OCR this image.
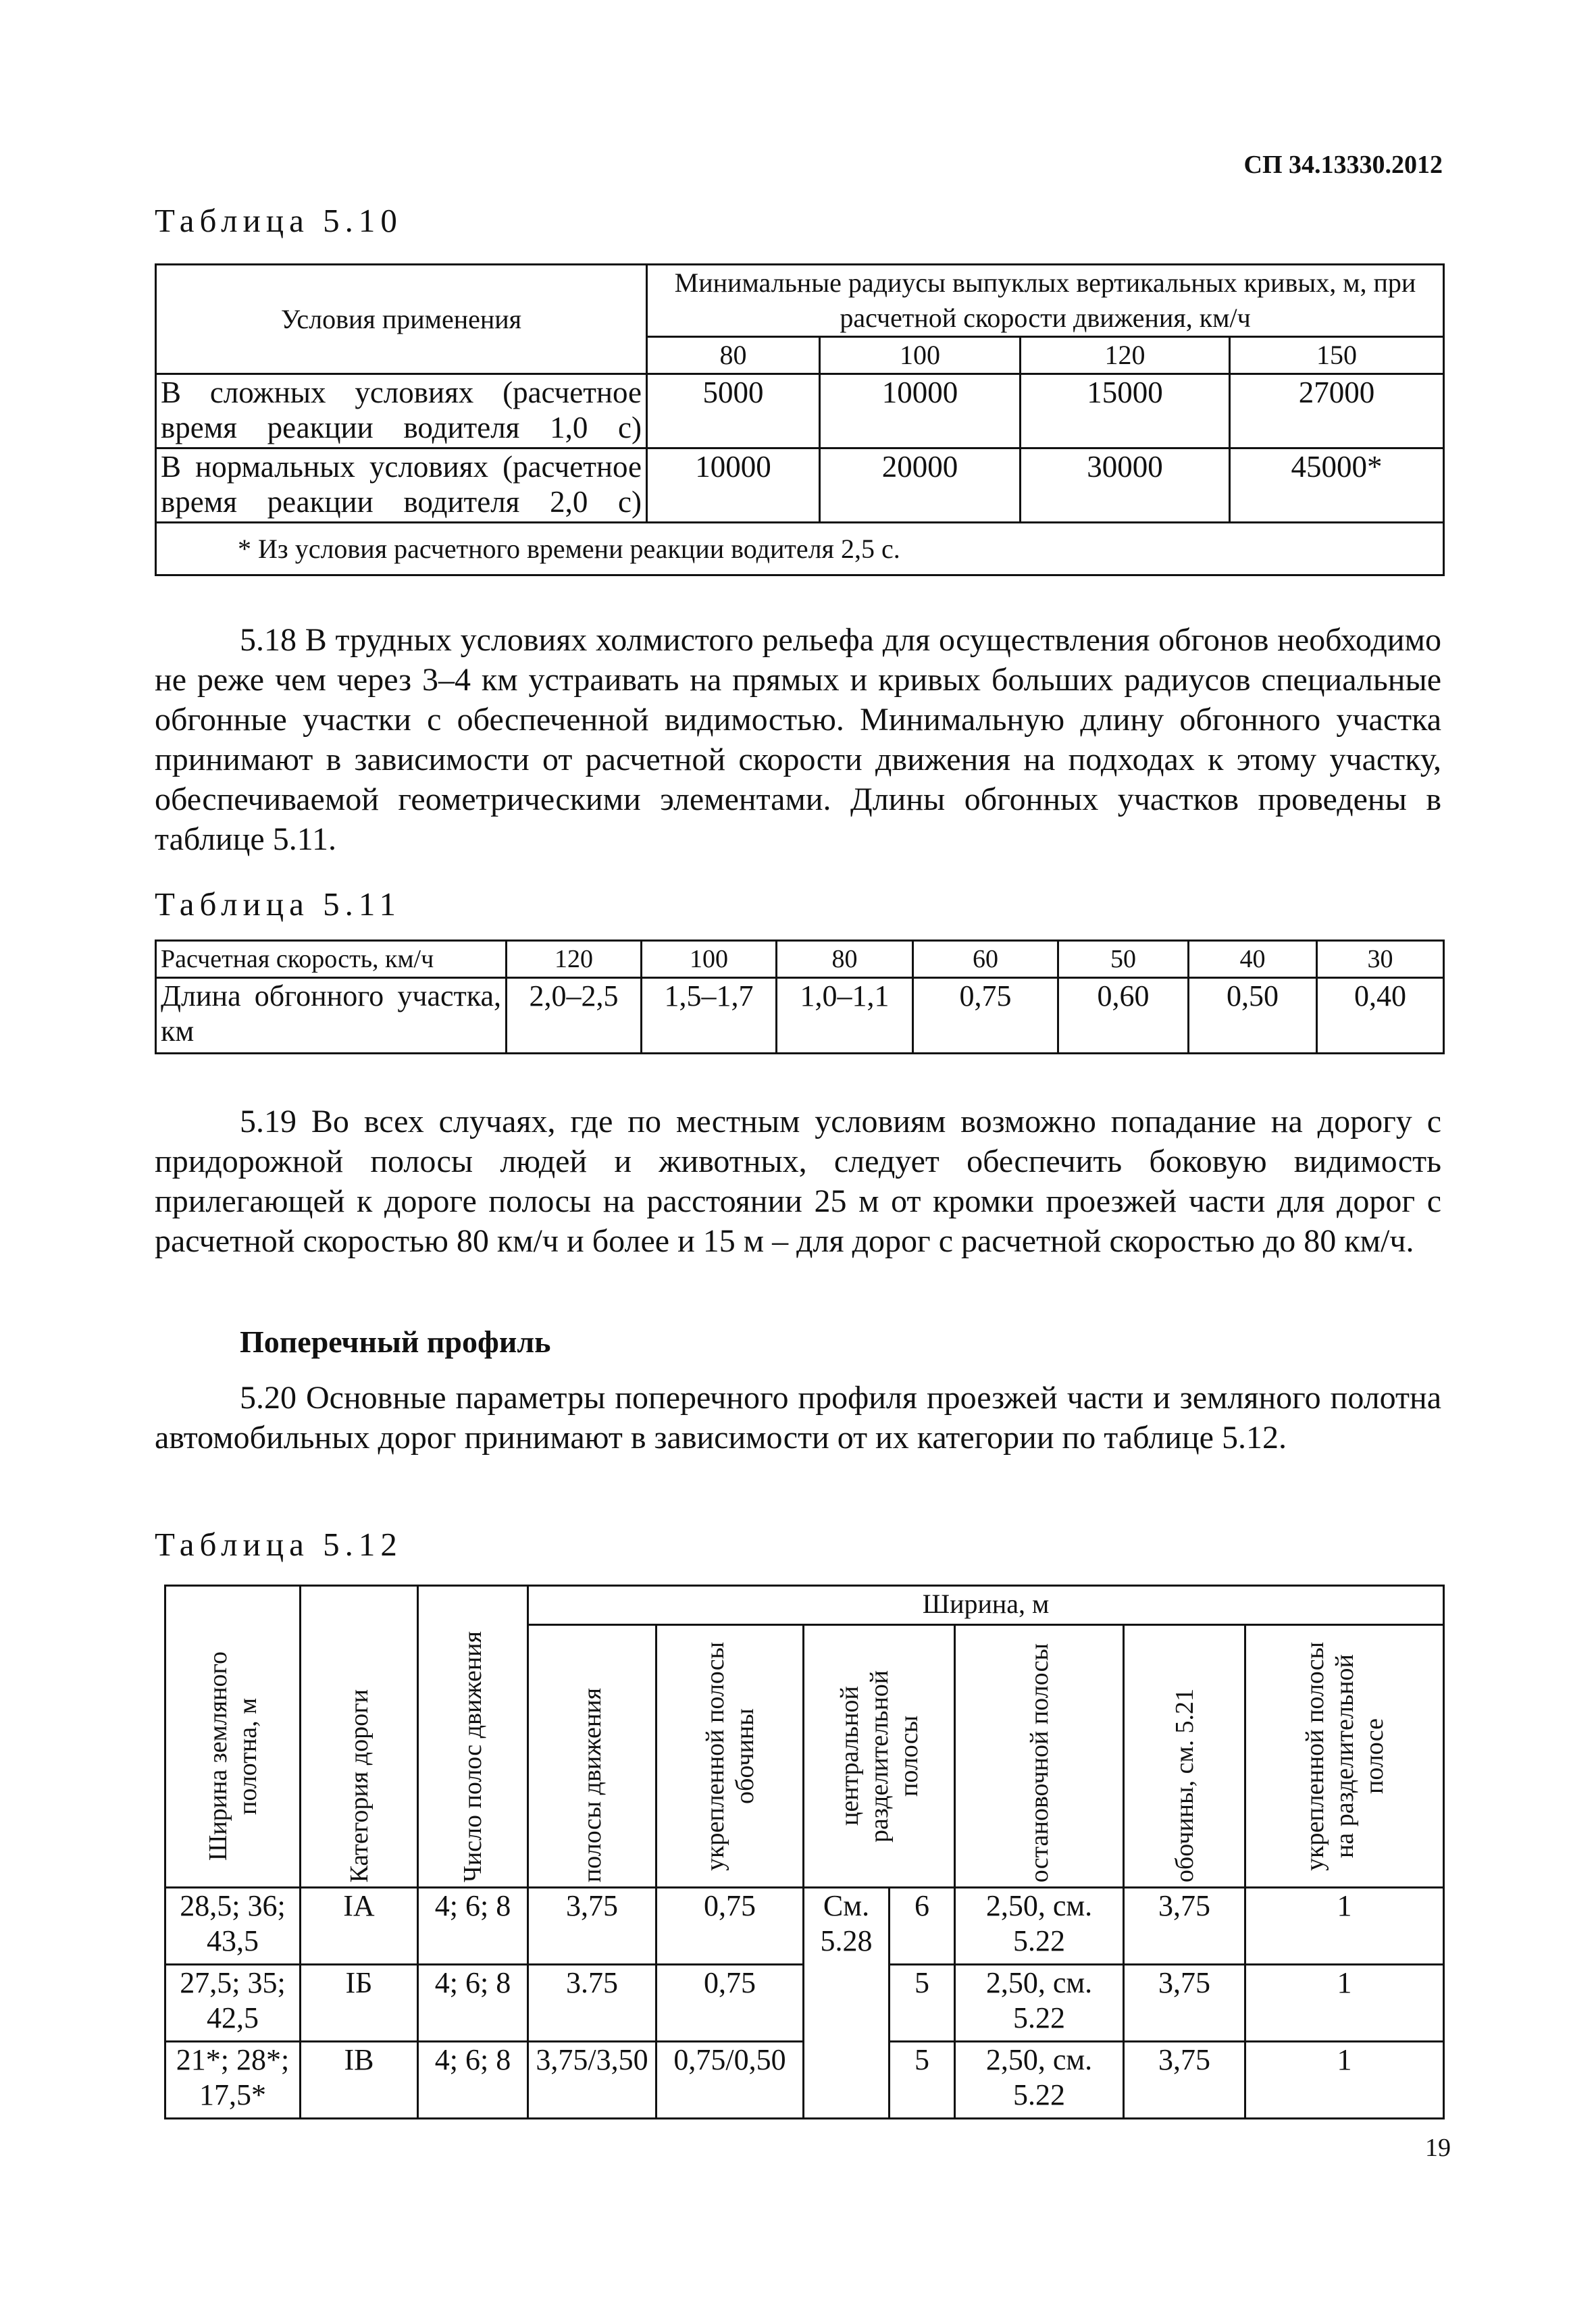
СП 34.13330.2012
Таблица 5.10
Условия применения	Минимальные радиусы выпуклых вертикальных кривых, м, при расчетной скорости движения, км/ч			
	80	100	120	150
В сложных условиях (расчетное время реакции водителя 1,0 с)	5000	10000	15000	27000
В нормальных условиях (расчетное время реакции водителя 2,0 с)	10000	20000	30000	45000*
* Из условия расчетного времени реакции водителя 2,5 с.				
5.18 В трудных условиях холмистого рельефа для осуществления обгонов необходимо не реже чем через 3–4 км устраивать на прямых и кривых больших радиусов специальные обгонные участки с обеспеченной видимостью. Минимальную длину обгонного участка принимают в зависимости от расчетной скорости движения на подходах к этому участку, обеспечиваемой геометрическими элементами. Длины обгонных участков проведены в таблице 5.11.
Таблица 5.11
Расчетная скорость, км/ч	120	100	80	60	50	40	30
Длина обгонного участка, км	2,0–2,5	1,5–1,7	1,0–1,1	0,75	0,60	0,50	0,40
5.19 Во всех случаях, где по местным условиям возможно попадание на дорогу с придорожной полосы людей и животных, следует обеспечить боковую видимость прилегающей к дороге полосы на расстоянии 25 м от кромки проезжей части для дорог с расчетной скоростью 80 км/ч и более и 15 м – для дорог с расчетной скоростью до 80 км/ч.
Поперечный профиль
5.20 Основные параметры поперечного профиля проезжей части и земляного полотна автомобильных дорог принимают в зависимости от их категории по таблице 5.12.
Таблица 5.12
Ширина земляного полотна, м	Категория дороги	Число полос движения	Ширина, м						

			полосы движения	укрепленной полосы обочины	центральной разделительной полосы		остановочной полосы	обочины, см. 5.21	укрепленной полосы на разделительной полосе

28,5; 36; 43,5	IA	4; 6; 8	3,75	0,75	См. 5.28	6	2,50, см. 5.22	3,75	1
27,5; 35; 42,5	IБ	4; 6; 8	3.75	0,75		5	2,50, см. 5.22	3,75	1
21*; 28*; 17,5*	IB	4; 6; 8	3,75/3,50	0,75/0,50		5	2,50, см. 5.22	3,75	1
19
